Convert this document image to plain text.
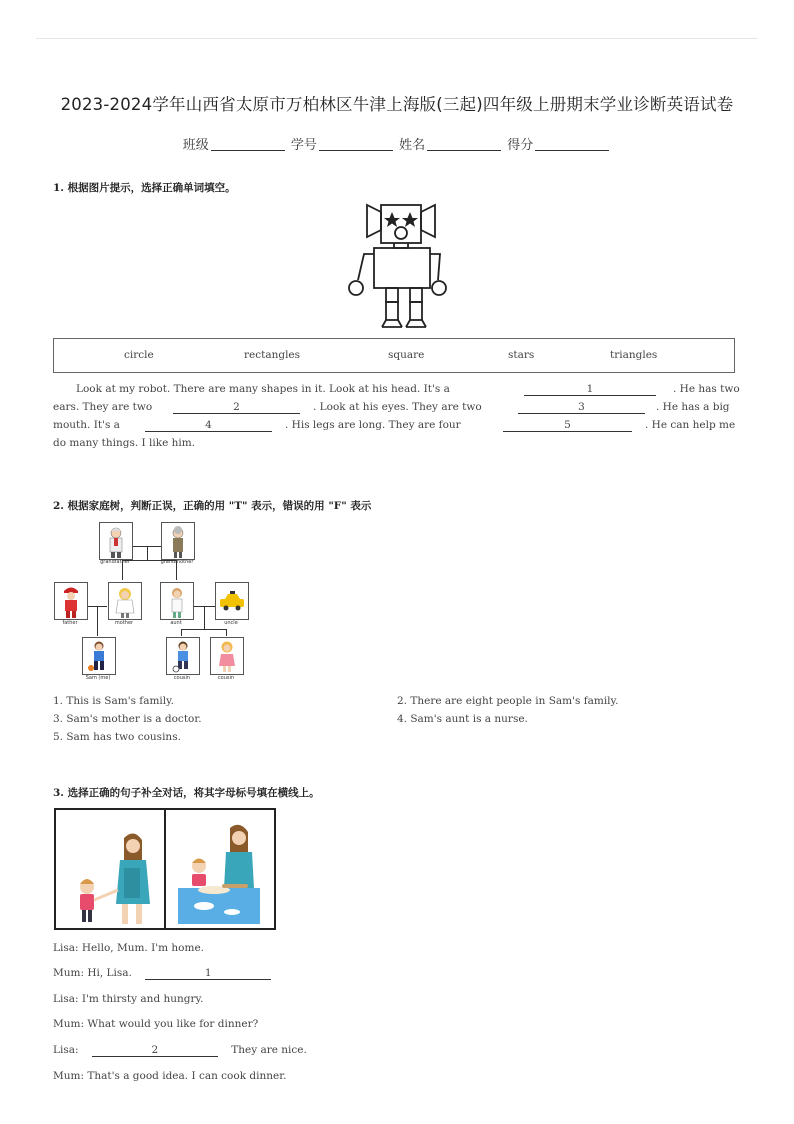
2023-2024学年山西省太原市万柏林区牛津上海版(三起)四年级上册期末学业诊断英语试卷
班级	学号	姓名	得分
1. 根据图片提示，选择正确单词填空。
circle	rectangles	square	stars	triangles
Look at my robot. There are many shapes in it. Look at his head. It's a	1	. He has two
ears. They are two	2	. Look at his eyes. They are two	3	. He has a big
mouth. It's a	4	. His legs are long. They are four	5	. He can help me
do many things. I like him.
2. 根据家庭树，判断正误，正确的用 "T" 表示，错误的用 "F" 表示
grandfather	grandmother
father	mother	aunt	uncle
Sam (me)	cousin	cousin
1. This is Sam's family.	2. There are eight people in Sam's family.
3. Sam's mother is a doctor.	4. Sam's aunt is a nurse.
5. Sam has two cousins.
3. 选择正确的句子补全对话，将其字母标号填在横线上。
Lisa: Hello, Mum. I'm home.
Mum: Hi, Lisa.	1
Lisa: I'm thirsty and hungry.
Mum: What would you like for dinner?
Lisa:	2	They are nice.
Mum: That's a good idea. I can cook dinner.
